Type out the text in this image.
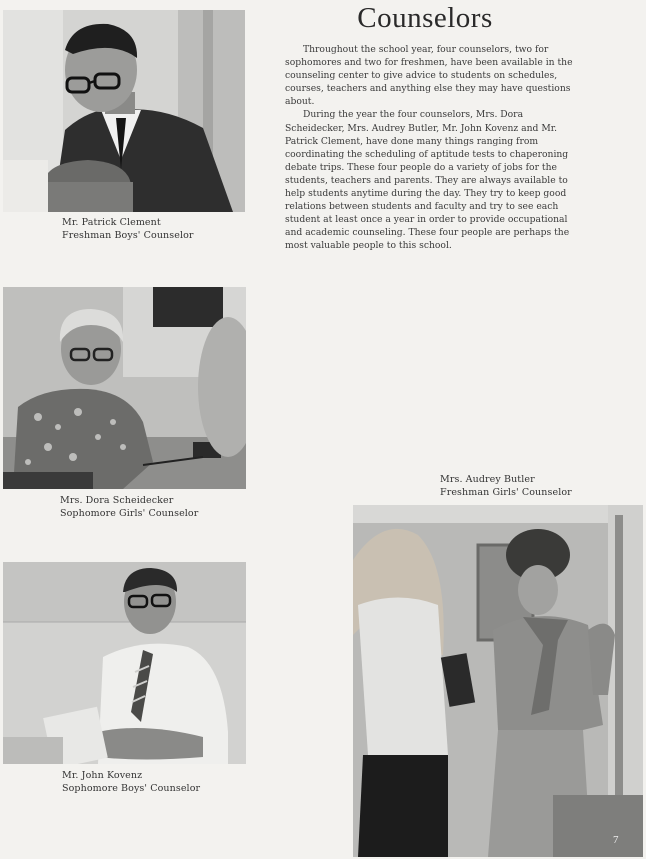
Counselors

Throughout the school year, four counselors, two for sophomores and two for freshmen, have been available in the counseling center to give advice to students on schedules, courses, teachers and anything else they may have questions about.

During the year the four counselors, Mrs. Dora Scheidecker, Mrs. Audrey Butler, Mr. John Kovenz and Mr. Patrick Clement, have done many things ranging from coordinating the scheduling of aptitude tests to chaperoning debate trips. These four people do a variety of jobs for the students, teachers and parents. They are always available to help students anytime during the day. They try to keep good relations between students and faculty and try to see each student at least once a year in order to provide occupational and academic counseling. These four people are perhaps the most valuable people to this school.

Mr. Patrick Clement
Freshman Boys' Counselor
Mrs. Dora Scheidecker
Sophomore Girls' Counselor
Mr. John Kovenz
Sophomore Boys' Counselor
Mrs. Audrey Butler
Freshman Girls' Counselor
7
